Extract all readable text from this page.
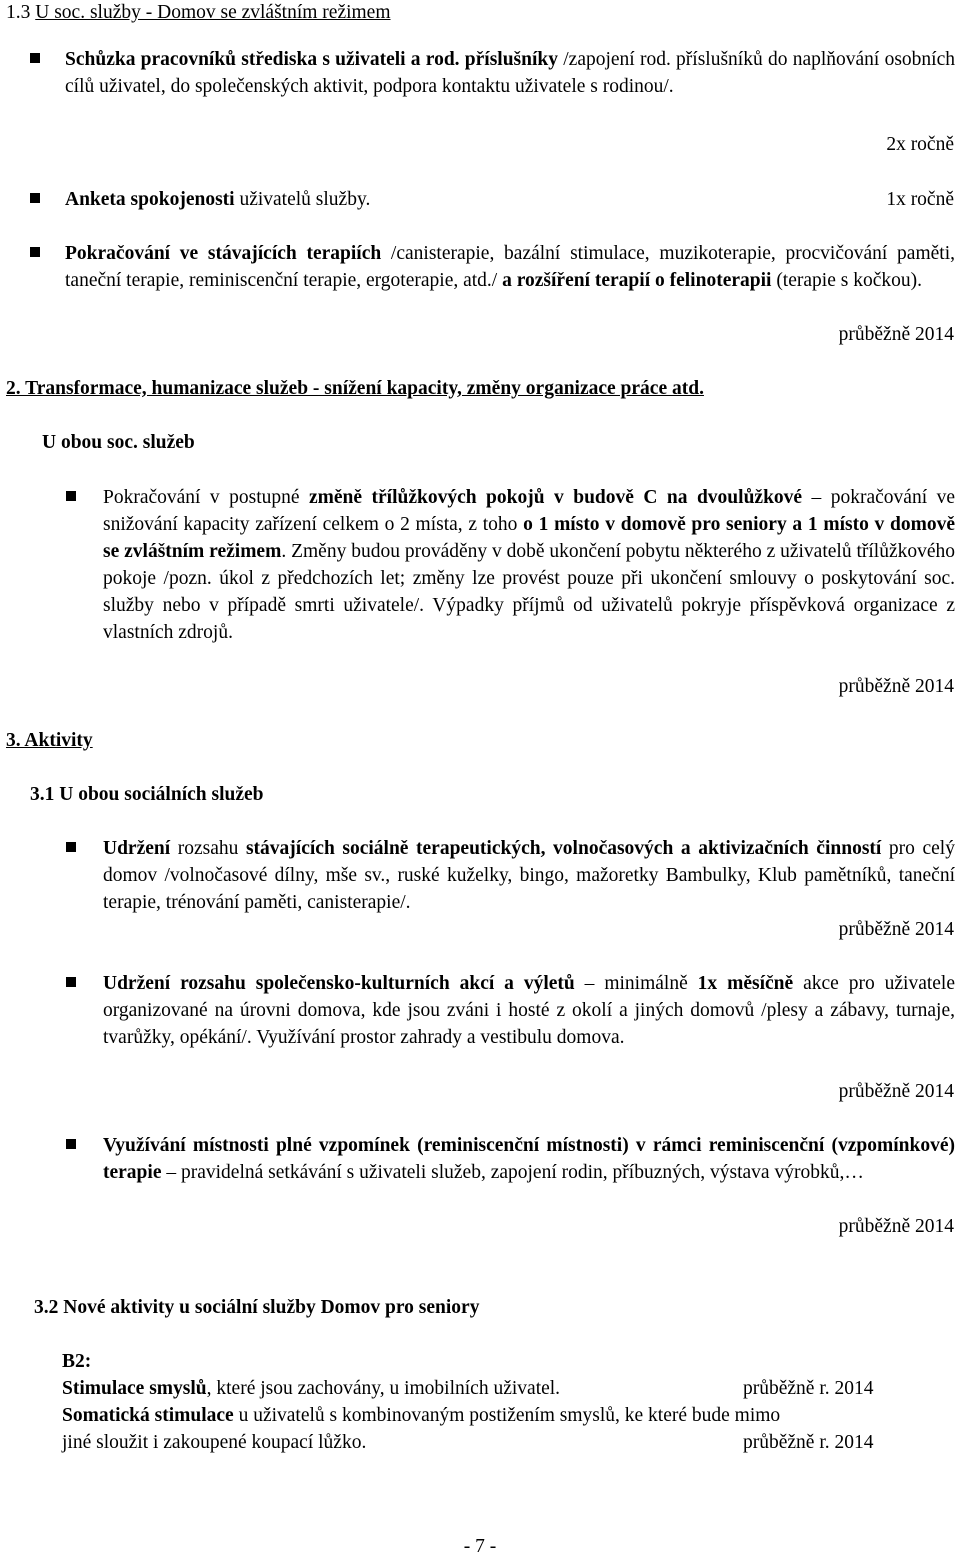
1.3 U soc. služby - Domov se zvláštním režimem
Schůzka pracovníků střediska s uživateli a rod. příslušníky /zapojení rod. příslušníků do naplňování osobních cílů uživatel, do společenských aktivit, podpora kontaktu uživatele s rodinou/.
2x ročně
Anketa spokojenosti uživatelů služby.	1x ročně
Pokračování ve stávajících terapiích /canisterapie, bazální stimulace, muzikoterapie, procvičování paměti, taneční terapie, reminiscenční terapie, ergoterapie, atd./ a rozšíření terapií o felinoterapii (terapie s kočkou).
průběžně 2014
2. Transformace, humanizace služeb - snížení kapacity, změny organizace práce atd.
U obou soc. služeb
Pokračování v postupné změně třílůžkových pokojů v budově C na dvoulůžkové – pokračování ve snižování kapacity zařízení celkem o 2 místa, z toho o 1 místo v domově pro seniory a 1 místo v domově se zvláštním režimem. Změny budou prováděny v době ukončení pobytu některého z uživatelů třílůžkového pokoje /pozn. úkol z předchozích let; změny lze provést pouze při ukončení smlouvy o poskytování soc. služby nebo v případě smrti uživatele/. Výpadky příjmů od uživatelů pokryje příspěvková organizace z vlastních zdrojů.
průběžně 2014
3. Aktivity
3.1 U obou sociálních služeb
Udržení rozsahu stávajících sociálně terapeutických, volnočasových a aktivizačních činností pro celý domov /volnočasové dílny, mše sv., ruské kuželky, bingo, mažoretky Bambulky, Klub pamětníků, taneční terapie, trénování paměti, canisterapie/.
průběžně 2014
Udržení rozsahu společensko-kulturních akcí a výletů – minimálně 1x měsíčně akce pro uživatele organizované na úrovni domova, kde jsou zváni i hosté z okolí a jiných domovů /plesy a zábavy, turnaje, tvarůžky, opékání/. Využívání prostor zahrady a vestibulu domova.
průběžně 2014
Využívání místnosti plné vzpomínek (reminiscenční místnosti) v rámci reminiscenční (vzpomínkové) terapie – pravidelná setkávání s uživateli služeb, zapojení rodin, příbuzných, výstava výrobků,…
průběžně 2014
3.2 Nové aktivity u sociální služby Domov pro seniory
B2:
Stimulace smyslů, které jsou zachovány, u imobilních uživatel.	průběžně r. 2014
Somatická stimulace u uživatelů s kombinovaným postižením smyslů, ke které bude mimo
jiné sloužit i zakoupené koupací lůžko.	průběžně r. 2014
- 7 -
